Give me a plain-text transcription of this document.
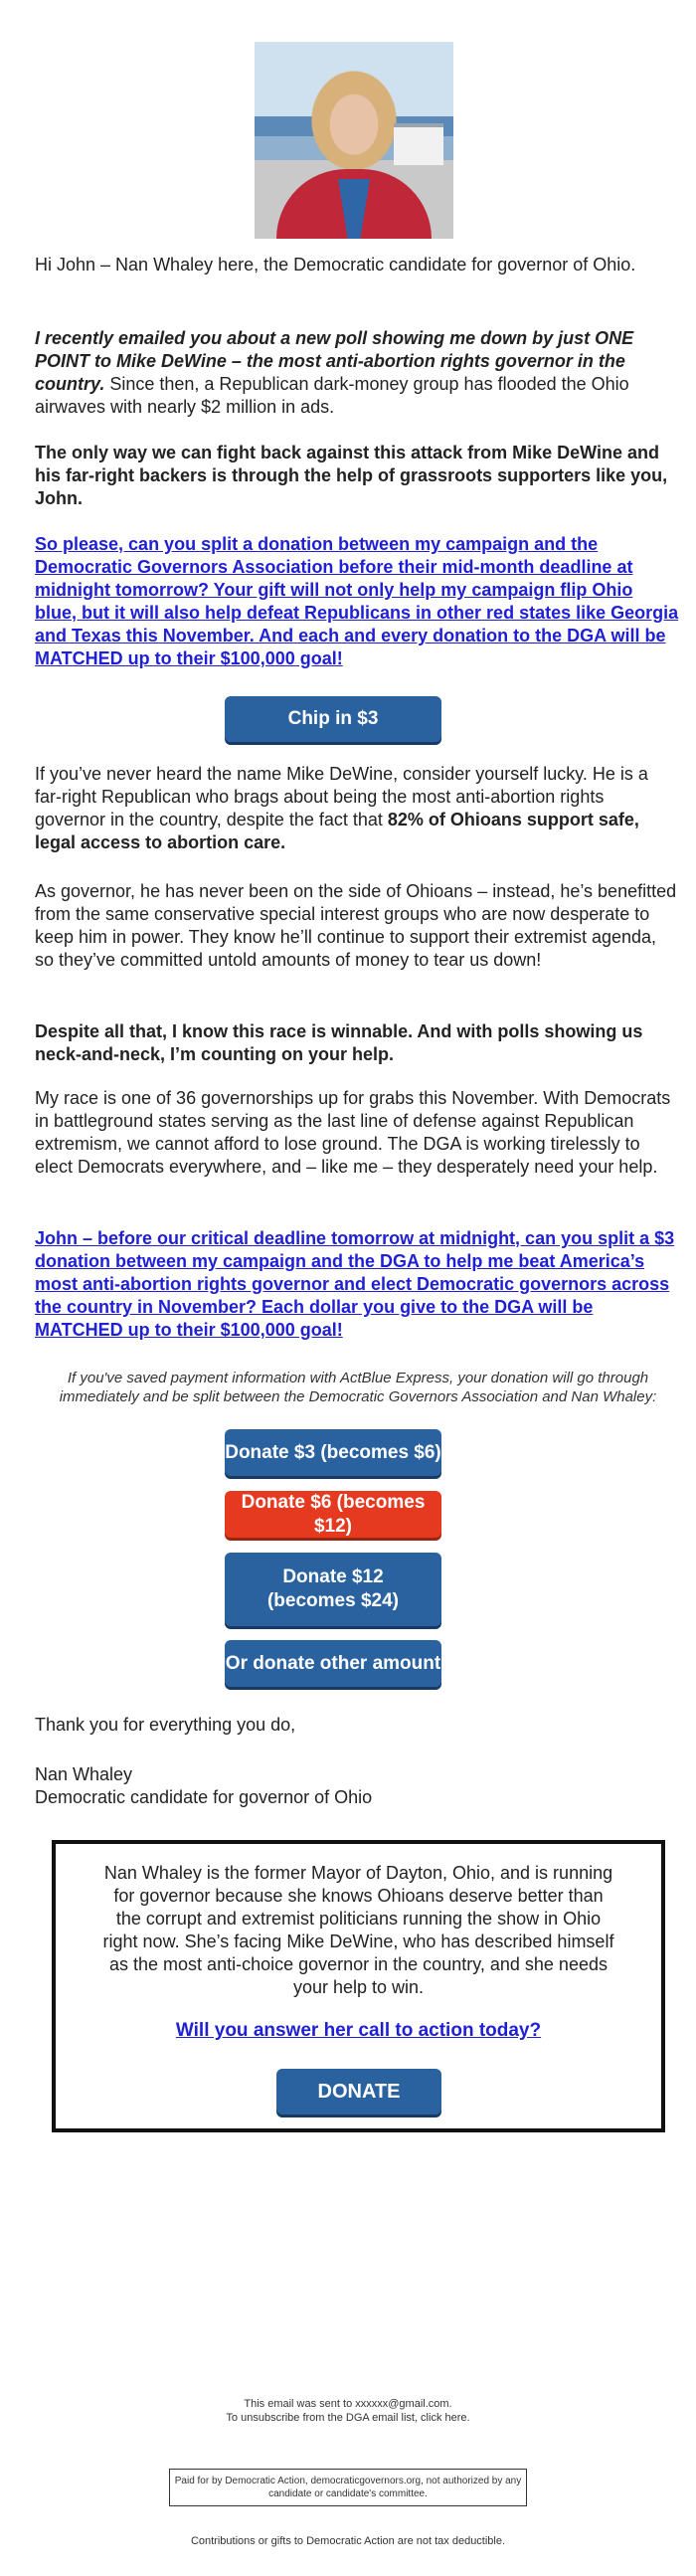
Hi John – Nan Whaley here, the Democratic candidate for governor of Ohio.

I recently emailed you about a new poll showing me down by just ONE POINT to Mike DeWine – the most anti-abortion rights governor in the country. Since then, a Republican dark-money group has flooded the Ohio airwaves with nearly $2 million in ads.

The only way we can fight back against this attack from Mike DeWine and his far-right backers is through the help of grassroots supporters like you, John.

So please, can you split a donation between my campaign and the Democratic Governors Association before their mid-month deadline at midnight tomorrow? Your gift will not only help my campaign flip Ohio blue, but it will also help defeat Republicans in other red states like Georgia and Texas this November. And each and every donation to the DGA will be MATCHED up to their $100,000 goal!

Chip in $3

If you’ve never heard the name Mike DeWine, consider yourself lucky. He is a far-right Republican who brags about being the most anti-abortion rights governor in the country, despite the fact that 82% of Ohioans support safe, legal access to abortion care.

As governor, he has never been on the side of Ohioans – instead, he’s benefitted from the same conservative special interest groups who are now desperate to keep him in power. They know he’ll continue to support their extremist agenda, so they’ve committed untold amounts of money to tear us down!

Despite all that, I know this race is winnable. And with polls showing us neck-and-neck, I’m counting on your help.

My race is one of 36 governorships up for grabs this November. With Democrats in battleground states serving as the last line of defense against Republican extremism, we cannot afford to lose ground. The DGA is working tirelessly to elect Democrats everywhere, and – like me – they desperately need your help.

John – before our critical deadline tomorrow at midnight, can you split a $3 donation between my campaign and the DGA to help me beat America’s most anti-abortion rights governor and elect Democratic governors across the country in November? Each dollar you give to the DGA will be MATCHED up to their $100,000 goal!

If you've saved payment information with ActBlue Express, your donation will go through immediately and be split between the Democratic Governors Association and Nan Whaley:
Donate $3 (becomes $6)
Donate $6 (becomes $12)
Donate $12 (becomes $24)
Or donate other amount

Thank you for everything you do,

Nan Whaley

Democratic candidate for governor of Ohio

Nan Whaley is the former Mayor of Dayton, Ohio, and is running for governor because she knows Ohioans deserve better than the corrupt and extremist politicians running the show in Ohio right now. She’s facing Mike DeWine, who has described himself as the most anti-choice governor in the country, and she needs your help to win.

Will you answer her call to action today?

DONATE
This email was sent to xxxxxx@gmail.com.
To unsubscribe from the DGA email list, click here.
Paid for by Democratic Action, democraticgovernors.org, not authorized by any candidate or candidate's committee.
Contributions or gifts to Democratic Action are not tax deductible.
